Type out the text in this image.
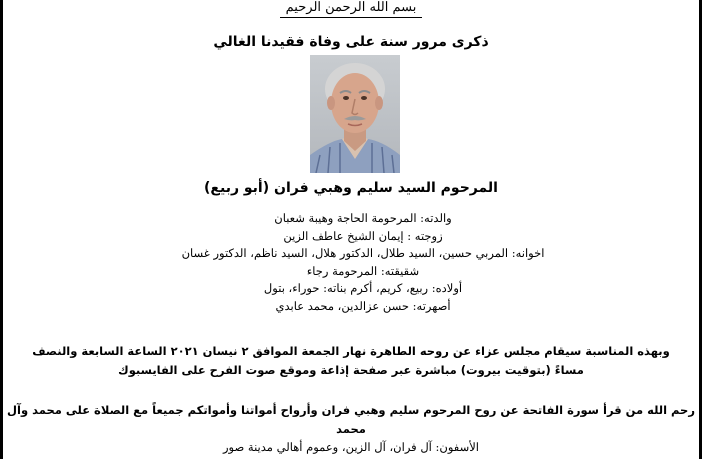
بسم الله الرحمن الرحيم
ذكرى مرور سنة على وفاة فقيدنا الغالي
المرحوم السيد سليم وهبي فران (أبو ربيع)
والدته: المرحومة الحاجة وهيبة شعبان
زوجته : إيمان الشيخ عاطف الزين
اخوانه: المربي حسين، السيد طلال، الدكتور هلال، السيد ناظم، الدكتور غسان
شقيقته: المرحومة رجاء
أولاده: ربيع، كريم، أكرم بناته: حوراء، بتول
أصهرته: حسن عزالدين، محمد عابدي
وبهذه المناسبة سيقام مجلس عزاء عن روحه الطاهرة نهار الجمعة الموافق ٢ نيسان ٢٠٢١ الساعة السابعة والنصف
مساءً (بتوقيت بيروت) مباشرة عبر صفحة إذاعة وموقع صوت الفرح على الفايسبوك
رحم الله من قرأ سورة الفاتحة عن روح المرحوم سليم وهبي فران وأرواح أمواتنا وأمواتكم جميعاً مع الصلاة على محمد وآل محمد
الأسفون: آل فران، آل الزين، وعموم أهالي مدينة صور
